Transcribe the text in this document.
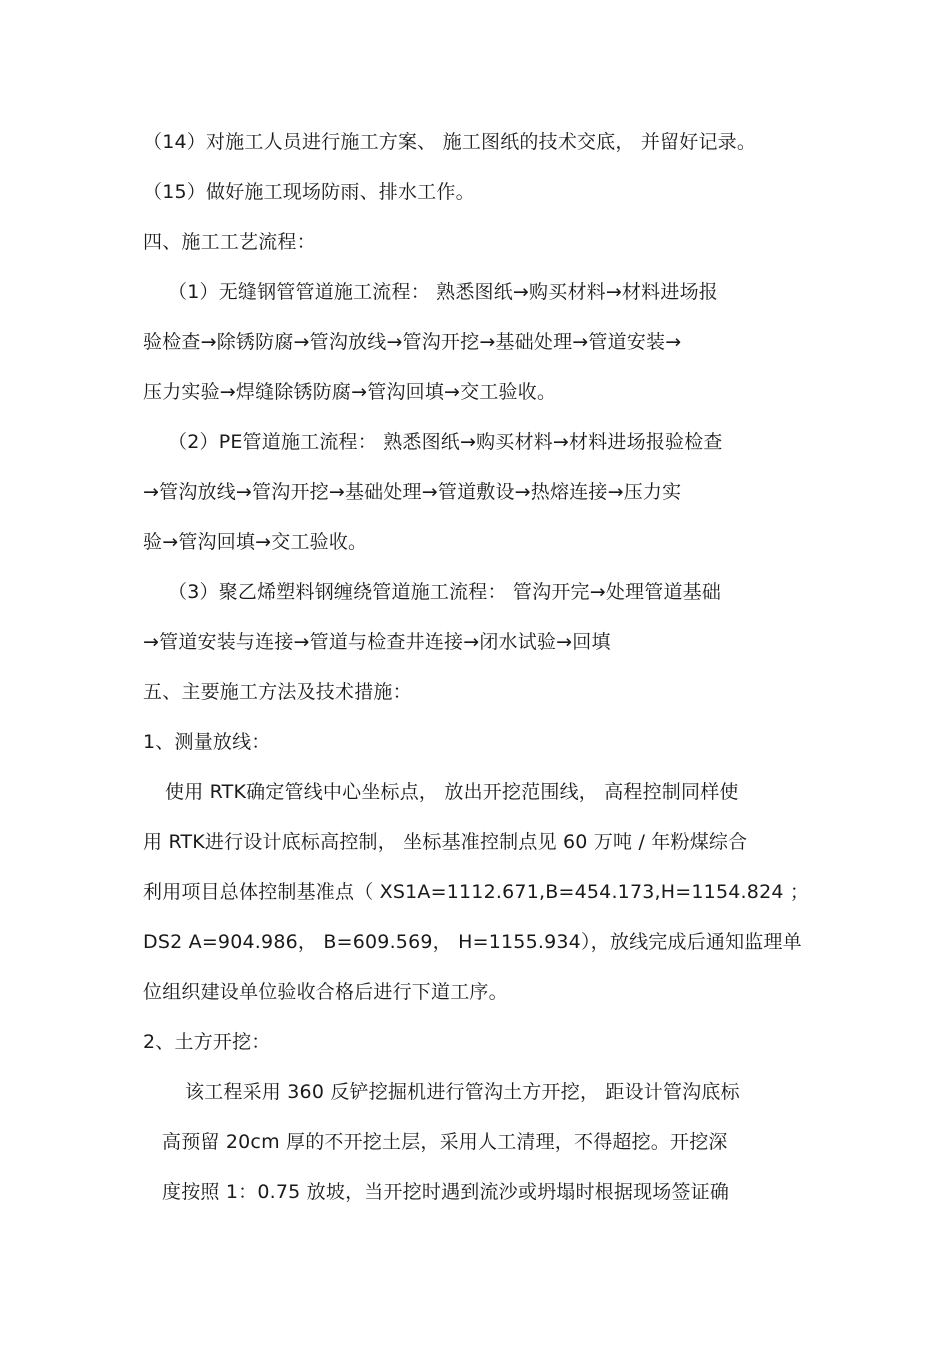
（14）对施工人员进行施工方案、 施工图纸的技术交底， 并留好记录。
（15）做好施工现场防雨、排水工作。
四、施工工艺流程：
（1）无缝钢管管道施工流程： 熟悉图纸→购买材料→材料进场报
验检查→除锈防腐→管沟放线→管沟开挖→基础处理→管道安装→
压力实验→焊缝除锈防腐→管沟回填→交工验收。
（2）PE管道施工流程： 熟悉图纸→购买材料→材料进场报验检查
→管沟放线→管沟开挖→基础处理→管道敷设→热熔连接→压力实
验→管沟回填→交工验收。
（3）聚乙烯塑料钢缠绕管道施工流程： 管沟开完→处理管道基础
→管道安装与连接→管道与检查井连接→闭水试验→回填
五、主要施工方法及技术措施：
1、测量放线：
使用 RTK确定管线中心坐标点， 放出开挖范围线， 高程控制同样使
用 RTK进行设计底标高控制， 坐标基准控制点见 60 万吨 / 年粉煤综合
利用项目总体控制基准点（ XS1A=1112.671,B=454.173,H=1154.824 ；
DS2 A=904.986， B=609.569， H=1155.934），放线完成后通知监理单
位组织建设单位验收合格后进行下道工序。
2、土方开挖：
该工程采用 360 反铲挖掘机进行管沟土方开挖， 距设计管沟底标
高预留 20cm 厚的不开挖土层，采用人工清理，不得超挖。开挖深
度按照 1：0.75 放坡，当开挖时遇到流沙或坍塌时根据现场签证确
